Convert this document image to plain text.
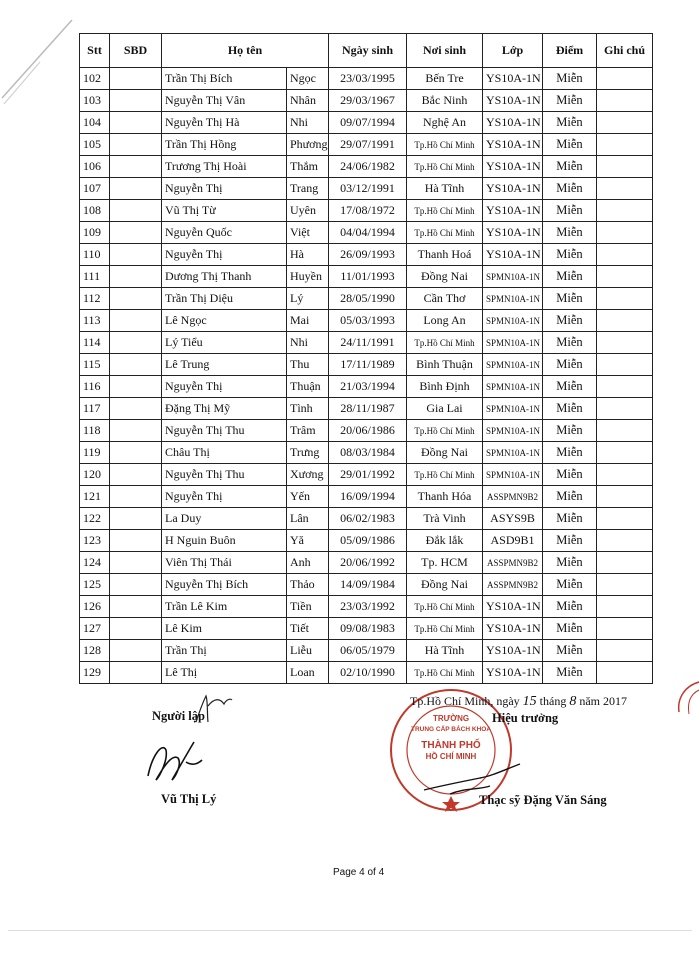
Stt	SBD	Họ tên		Ngày sinh	Nơi sinh	Lớp	Điểm	Ghi chú
102		Trần Thị Bích	Ngọc	23/03/1995	Bến Tre	YS10A-1N	Miễn	
103		Nguyễn Thị Vân	Nhân	29/03/1967	Bắc Ninh	YS10A-1N	Miễn	
104		Nguyễn Thị Hà	Nhi	09/07/1994	Nghệ An	YS10A-1N	Miễn	
105		Trần Thị Hồng	Phương	29/07/1991	Tp.Hồ Chí Minh	YS10A-1N	Miễn	
106		Trương Thị Hoài	Thắm	24/06/1982	Tp.Hồ Chí Minh	YS10A-1N	Miễn	
107		Nguyễn Thị	Trang	03/12/1991	Hà Tĩnh	YS10A-1N	Miễn	
108		Vũ Thị Từ	Uyên	17/08/1972	Tp.Hồ Chí Minh	YS10A-1N	Miễn	
109		Nguyễn Quốc	Việt	04/04/1994	Tp.Hồ Chí Minh	YS10A-1N	Miễn	
110		Nguyễn Thị	Hà	26/09/1993	Thanh Hoá	YS10A-1N	Miễn	
111		Dương Thị Thanh	Huyền	11/01/1993	Đồng Nai	SPMN10A-1N	Miễn	
112		Trần Thị Diệu	Lý	28/05/1990	Cần Thơ	SPMN10A-1N	Miễn	
113		Lê Ngọc	Mai	05/03/1993	Long An	SPMN10A-1N	Miễn	
114		Lý Tiểu	Nhi	24/11/1991	Tp.Hồ Chí Minh	SPMN10A-1N	Miễn	
115		Lê Trung	Thu	17/11/1989	Bình Thuận	SPMN10A-1N	Miễn	
116		Nguyễn Thị	Thuận	21/03/1994	Bình Định	SPMN10A-1N	Miễn	
117		Đặng Thị Mỹ	Tình	28/11/1987	Gia Lai	SPMN10A-1N	Miễn	
118		Nguyễn Thị Thu	Trâm	20/06/1986	Tp.Hồ Chí Minh	SPMN10A-1N	Miễn	
119		Châu Thị	Trưng	08/03/1984	Đồng Nai	SPMN10A-1N	Miễn	
120		Nguyễn Thị Thu	Xương	29/01/1992	Tp.Hồ Chí Minh	SPMN10A-1N	Miễn	
121		Nguyễn Thị	Yến	16/09/1994	Thanh Hóa	ASSPMN9B2	Miễn	
122		La Duy	Lân	06/02/1983	Trà Vinh	ASYS9B	Miễn	
123		H Nguin Buôn	Yă	05/09/1986	Đắk lắk	ASD9B1	Miễn	
124		Viên Thị Thái	Anh	20/06/1992	Tp. HCM	ASSPMN9B2	Miễn	
125		Nguyễn Thị Bích	Thảo	14/09/1984	Đồng Nai	ASSPMN9B2	Miễn	
126		Trần Lê Kim	Tiền	23/03/1992	Tp.Hồ Chí Minh	YS10A-1N	Miễn	
127		Lê Kim	Tiết	09/08/1983	Tp.Hồ Chí Minh	YS10A-1N	Miễn	
128		Trần Thị	Liễu	06/05/1979	Hà Tĩnh	YS10A-1N	Miễn	
129		Lê Thị	Loan	02/10/1990	Tp.Hồ Chí Minh	YS10A-1N	Miễn	
Người lập
Vũ Thị Lý
TRƯỜNG
TRUNG CẤP BÁCH KHOA
THÀNH PHỐ
HỒ CHÍ MINH
Tp.Hồ Chí Minh, ngày 15 tháng 8 năm 2017
Hiệu trưởng
Thạc sỹ Đặng Văn Sáng
Page 4 of 4
